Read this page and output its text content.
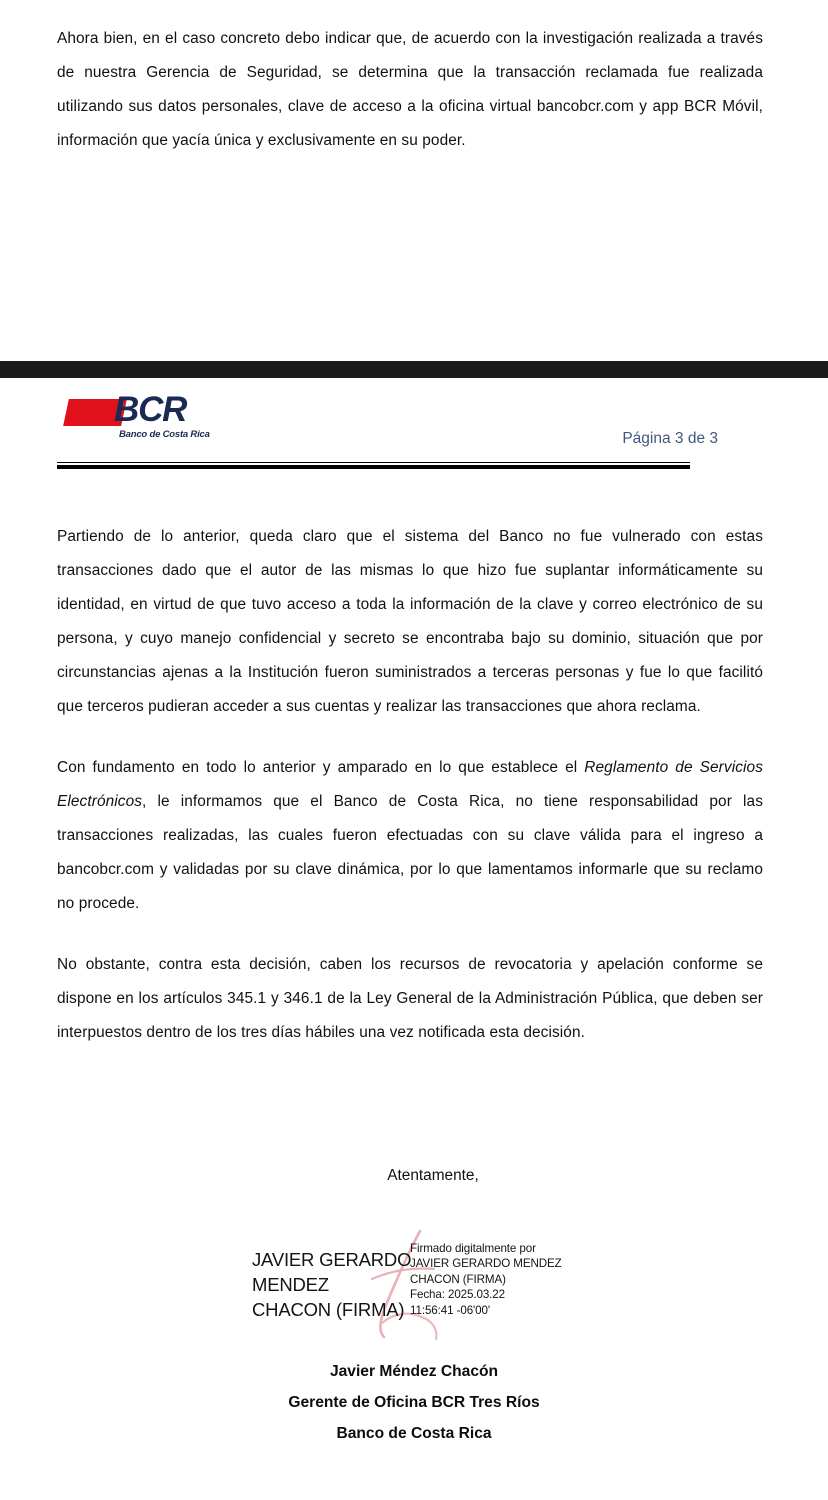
Ahora bien, en el caso concreto debo indicar que, de acuerdo con la investigación realizada a través de nuestra Gerencia de Seguridad, se determina que la transacción reclamada fue realizada utilizando sus datos personales, clave de acceso a la oficina virtual bancobcr.com y app BCR Móvil, información que yacía única y exclusivamente en su poder.

BCR
Banco de Costa Rica	Página 3 de 3

Partiendo de lo anterior, queda claro que el sistema del Banco no fue vulnerado con estas transacciones dado que el autor de las mismas lo que hizo fue suplantar informáticamente su identidad, en virtud de que tuvo acceso a toda la información de la clave y correo electrónico de su persona, y cuyo manejo confidencial y secreto se encontraba bajo su dominio, situación que por circunstancias ajenas a la Institución fueron suministrados a terceras personas y fue lo que facilitó que terceros pudieran acceder a sus cuentas y realizar las transacciones que ahora reclama.

Con fundamento en todo lo anterior y amparado en lo que establece el Reglamento de Servicios Electrónicos, le informamos que el Banco de Costa Rica, no tiene responsabilidad por las transacciones realizadas, las cuales fueron efectuadas con su clave válida para el ingreso a bancobcr.com y validadas por su clave dinámica, por lo que lamentamos informarle que su reclamo no procede.

No obstante, contra esta decisión, caben los recursos de revocatoria y apelación conforme se dispone en los artículos 345.1 y 346.1 de la Ley General de la Administración Pública, que deben ser interpuestos dentro de los tres días hábiles una vez notificada esta decisión.

Atentamente,
JAVIER GERARDO
MENDEZ
CHACON (FIRMA)
Firmado digitalmente por
JAVIER GERARDO MENDEZ
CHACON (FIRMA)
Fecha: 2025.03.22
11:56:41 -06'00'
Javier Méndez Chacón
Gerente de Oficina BCR Tres Ríos
Banco de Costa Rica
